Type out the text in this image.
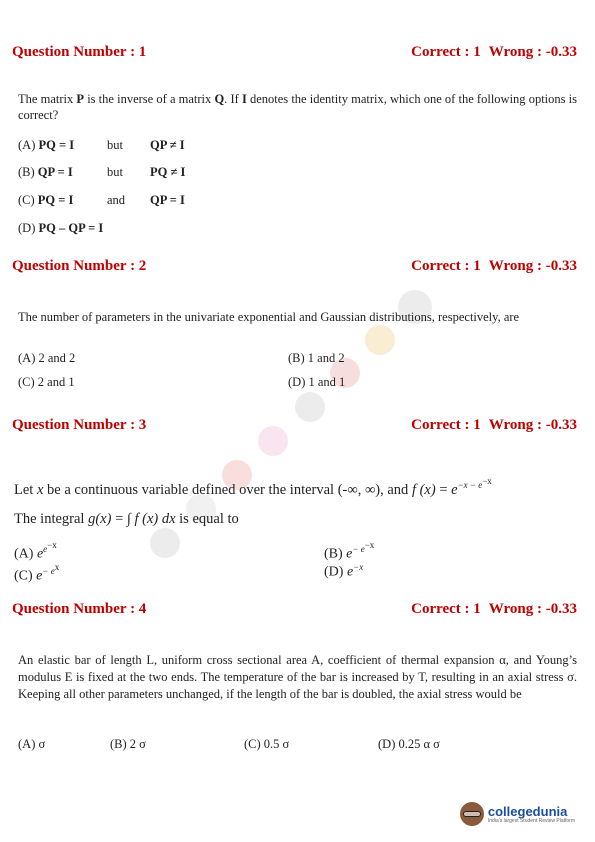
Question Number : 1	Correct : 1 Wrong : -0.33
The matrix P is the inverse of a matrix Q. If I denotes the identity matrix, which one of the following options is correct?
(A) PQ = I	but QP ≠ I
(B) QP = I	but PQ ≠ I
(C) PQ = I	and QP = I
(D) PQ – QP = I
Question Number : 2	Correct : 1 Wrong : -0.33
The number of parameters in the univariate exponential and Gaussian distributions, respectively, are
(A) 2 and 2	(B) 1 and 2
(C) 2 and 1	(D) 1 and 1
Question Number : 3	Correct : 1 Wrong : -0.33
Let x be a continuous variable defined over the interval (-∞, ∞), and f $(x) = e^{-x - e^{-x}}$
The integral g(x) = ∫ f (x) dx is equal to
(A) $e^{e^{-x}}$
(B) $e^{- e^{-x}}$
(C) $e^{- e^x}$	(D) $e^{-x}$
Question Number : 4	Correct : 1 Wrong : -0.33
An elastic bar of length L, uniform cross sectional area A, coefficient of thermal expansion α, and Young’s modulus E is fixed at the two ends. The temperature of the bar is increased by T, resulting in an axial stress σ. Keeping all other parameters unchanged, if the length of the bar is doubled, the axial stress would be
(A) σ	(B) 2 σ	(C) 0.5 σ	(D) 0.25 α σ
collegedunia
India's largest Student Review Platform
